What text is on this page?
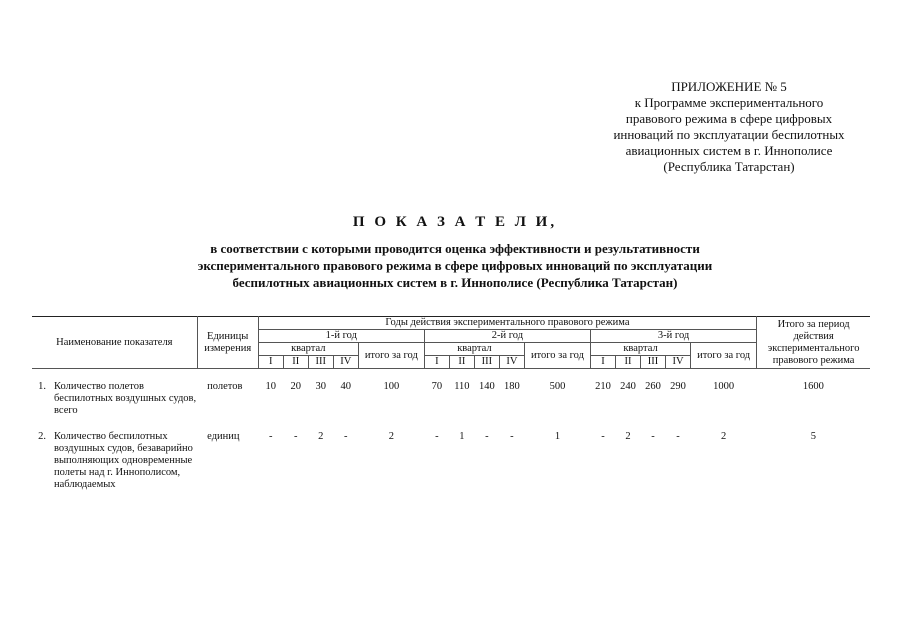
ПРИЛОЖЕНИЕ № 5
к Программе экспериментального
правового режима в сфере цифровых
инноваций по эксплуатации беспилотных
авиационных систем в г. Иннополисе
(Республика Татарстан)
П О К А З А Т Е Л И,
в соответствии с которыми проводится оценка эффективности и результативности
экспериментального правового режима в сфере цифровых инноваций по эксплуатации
беспилотных авиационных систем в г. Иннополисе (Республика Татарстан)
Наименование показателя		Единицы измерения	Годы действия экспериментального правового режима															Итого за период действия экспериментального правового режима
			1-й год					2-й год					3-й год					
			квартал				итого за год	квартал				итого за год	квартал				итого за год	
			I	II	III	IV		I	II	III	IV		I	II	III	IV		

1.	Количество полетов беспилотных воздушных судов, всего	полетов	10	20	30	40	100	70	110	140	180	500	210	240	260	290	1000	1600
2.	Количество беспилотных воздушных судов, безаварийно выполняющих одновременные полеты над г. Иннополисом, наблюдаемых	единиц	-	-	2	-	2	-	1	-	-	1	-	2	-	-	2	5
